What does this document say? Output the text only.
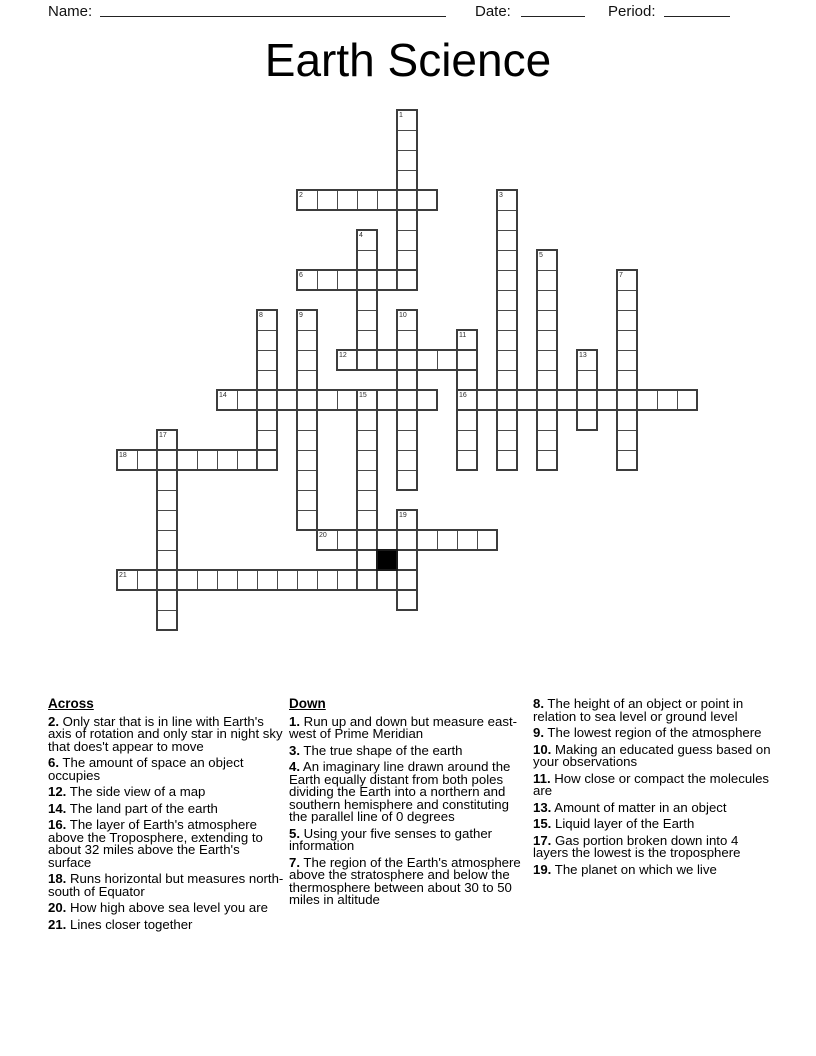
Name:	Date:	Period:
Earth Science
1
2	3
4
5
6	7
8	9	10
11
12	13
14	15	16
17
18
19
20
21
Across
2. Only star that is in line with Earth's axis of rotation and only star in night sky that does't appear to move
6. The amount of space an object occupies
12. The side view of a map
14. The land part of the earth
16. The layer of Earth's atmosphere above the Troposphere, extending to about 32 miles above the Earth's surface
18. Runs horizontal but measures north-south of Equator
20. How high above sea level you are
21. Lines closer together
Down
1. Run up and down but measure east-west of Prime Meridian
3. The true shape of the earth
4. An imaginary line drawn around the Earth equally distant from both poles dividing the Earth into a northern and southern hemisphere and constituting the parallel line of 0 degrees
5. Using your five senses to gather information
7. The region of the Earth's atmosphere above the stratosphere and below the thermosphere between about 30 to 50 miles in altitude
8. The height of an object or point in relation to sea level or ground level
9. The lowest region of the atmosphere
10. Making an educated guess based on your observations
11. How close or compact the molecules are
13. Amount of matter in an object
15. Liquid layer of the Earth
17. Gas portion broken down into 4 layers the lowest is the troposphere
19. The planet on which we live
